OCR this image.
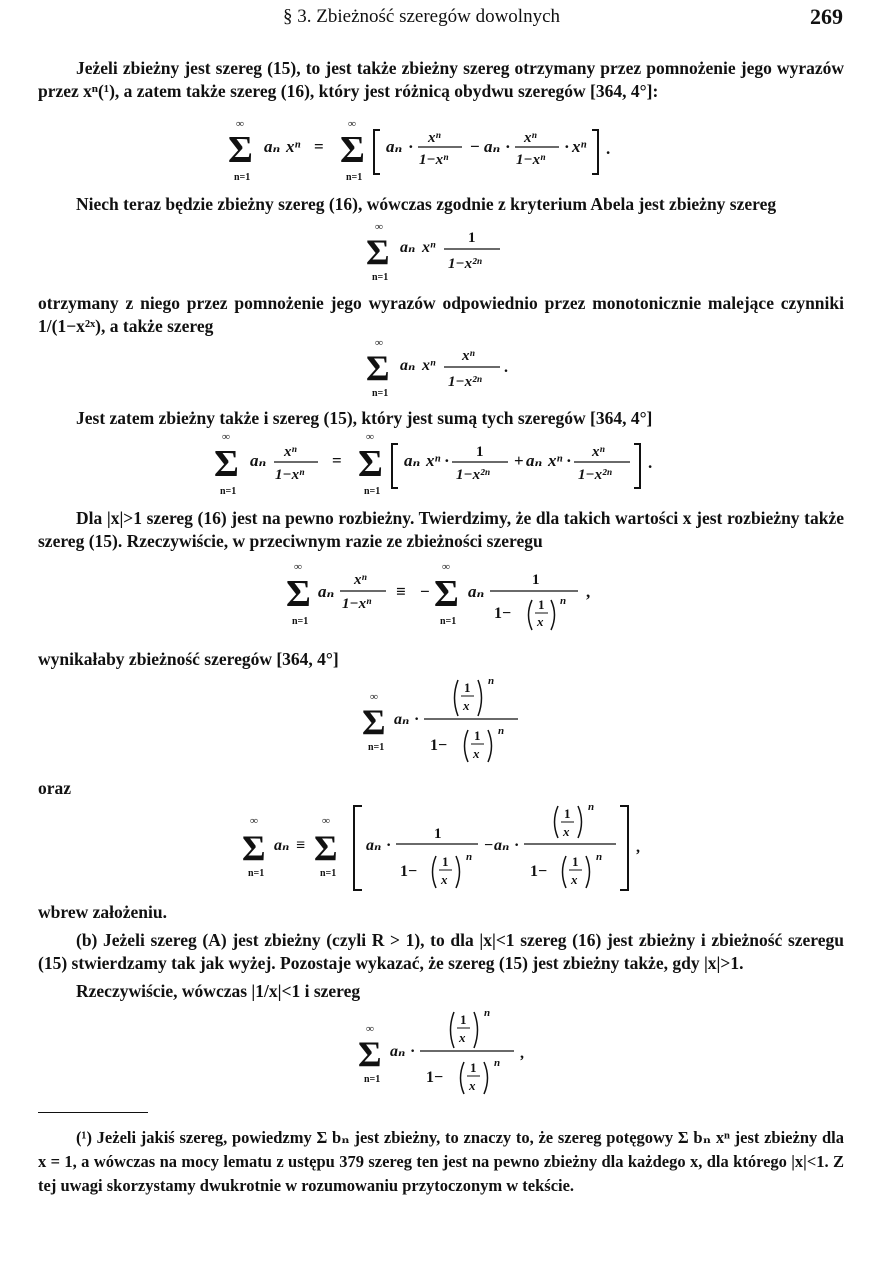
§ 3. Zbieżność szeregów dowolnych	269

Jeżeli zbieżny jest szereg (15), to jest także zbieżny szereg otrzymany przez pomnożenie jego wyrazów przez xⁿ(¹), a zatem także szereg (16), który jest różnicą obydwu szeregów [364, 4°]:

∞
Σ
n=1
aₙ xⁿ =
∞
Σ
n=1
aₙ · xⁿ
1−xⁿ
− aₙ · xⁿ
1−xⁿ
· xⁿ .

Niech teraz będzie zbieżny szereg (16), wówczas zgodnie z kryterium Abela jest zbieżny szereg

∞
Σ
n=1
aₙ xⁿ
1
1−x²ⁿ

otrzymany z niego przez pomnożenie jego wyrazów odpowiednio przez monotonicznie malejące czynniki 1/(1−x²ˣ), a także szereg

∞
Σ
n=1
aₙ xⁿ
xⁿ
1−x²ⁿ
.

Jest zatem zbieżny także i szereg (15), który jest sumą tych szeregów [364, 4°]

∞
Σ
n=1
aₙ xⁿ
1−xⁿ
=
∞
Σ
n=1
aₙ xⁿ · 1
1−x²ⁿ
+ aₙ xⁿ · xⁿ
1−x²ⁿ
.

Dla |x|>1 szereg (16) jest na pewno rozbieżny. Twierdzimy, że dla takich wartości x jest rozbieżny także szereg (15). Rzeczywiście, w przeciwnym razie ze zbieżności szeregu

∞
Σ
n=1
aₙ
xⁿ
1−xⁿ
≡ −
∞
Σ
n=1
aₙ
1
1−
1
x
n ,

wynikałaby zbieżność szeregów [364, 4°]

∞
Σ
n=1
aₙ ·
1
x
n
1−
1
x
n

oraz

∞
Σ
n=1
aₙ ≡
∞
Σ
n=1
aₙ ·
1
1−
1
x
n
− aₙ ·
1
x
n
1−
1
x
n
,

wbrew założeniu.

(b) Jeżeli szereg (A) jest zbieżny (czyli R > 1), to dla |x|<1 szereg (16) jest zbieżny i zbieżność szeregu (15) stwierdzamy tak jak wyżej. Pozostaje wykazać, że szereg (15) jest zbieżny także, gdy |x|>1.

Rzeczywiście, wówczas |1/x|<1 i szereg

∞
Σ
n=1
aₙ ·
1
x
n
1−
1
x
n
,

(¹) Jeżeli jakiś szereg, powiedzmy Σ bₙ jest zbieżny, to znaczy to, że szereg potęgowy Σ bₙ xⁿ jest zbieżny dla x = 1, a wówczas na mocy lematu z ustępu 379 szereg ten jest na pewno zbieżny dla każdego x, dla którego |x|<1. Z tej uwagi skorzystamy dwukrotnie w rozumowaniu przytoczonym w tekście.
